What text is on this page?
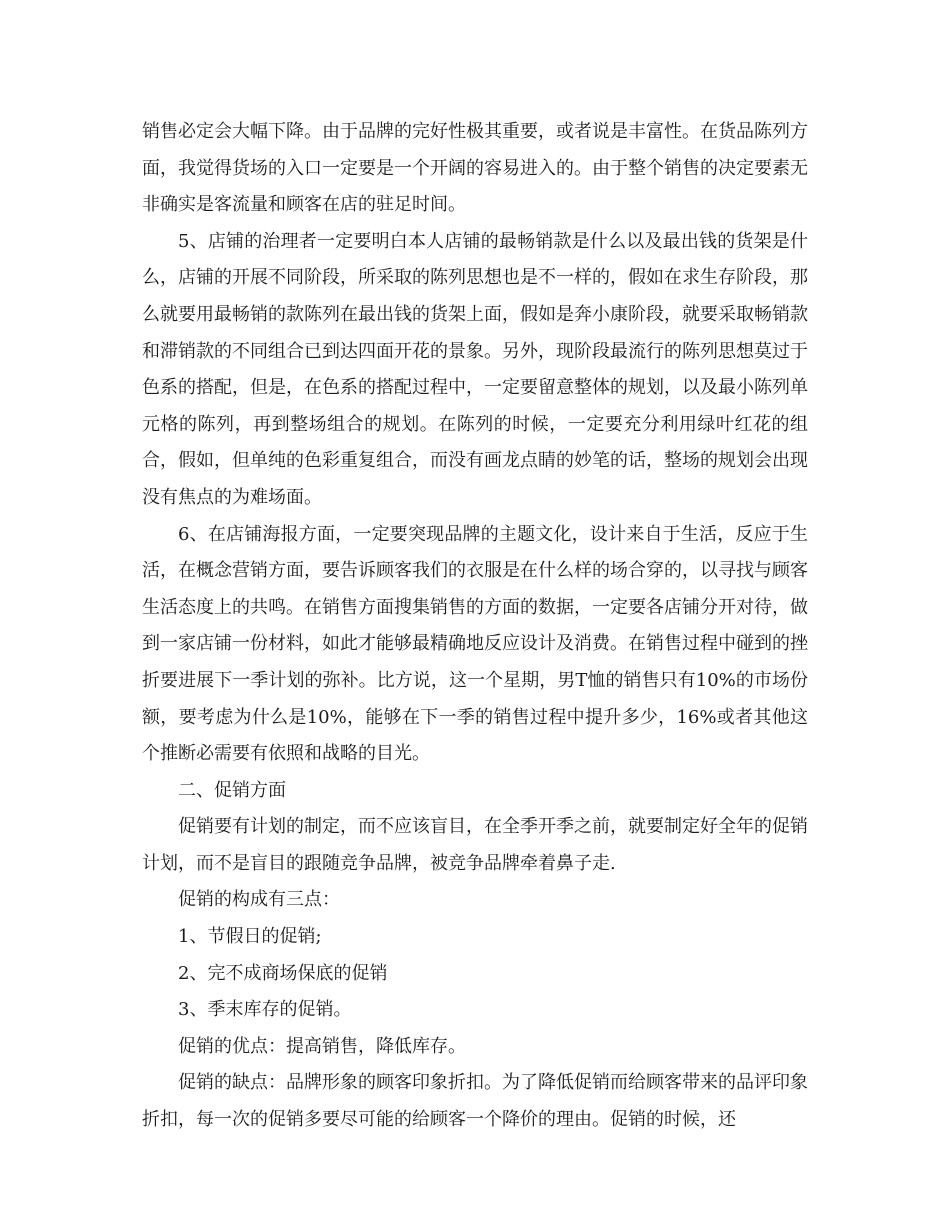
销售必定会大幅下降。由于品牌的完好性极其重要，或者说是丰富性。在货品陈列方面，我觉得货场的入口一定要是一个开阔的容易进入的。由于整个销售的决定要素无非确实是客流量和顾客在店的驻足时间。

5、店铺的治理者一定要明白本人店铺的最畅销款是什么以及最出钱的货架是什么，店铺的开展不同阶段，所采取的陈列思想也是不一样的，假如在求生存阶段，那么就要用最畅销的款陈列在最出钱的货架上面，假如是奔小康阶段，就要采取畅销款和滞销款的不同组合已到达四面开花的景象。另外，现阶段最流行的陈列思想莫过于色系的搭配，但是，在色系的搭配过程中，一定要留意整体的规划，以及最小陈列单元格的陈列，再到整场组合的规划。在陈列的时候，一定要充分利用绿叶红花的组合，假如，但单纯的色彩重复组合，而没有画龙点睛的妙笔的话，整场的规划会出现没有焦点的为难场面。

6、在店铺海报方面，一定要突现品牌的主题文化，设计来自于生活，反应于生活，在概念营销方面，要告诉顾客我们的衣服是在什么样的场合穿的，以寻找与顾客生活态度上的共鸣。在销售方面搜集销售的方面的数据，一定要各店铺分开对待，做到一家店铺一份材料，如此才能够最精确地反应设计及消费。在销售过程中碰到的挫折要进展下一季计划的弥补。比方说，这一个星期，男T恤的销售只有10%的市场份额，要考虑为什么是10%，能够在下一季的销售过程中提升多少，16%或者其他这个推断必需要有依照和战略的目光。

二、促销方面

促销要有计划的制定，而不应该盲目，在全季开季之前，就要制定好全年的促销计划，而不是盲目的跟随竞争品牌，被竞争品牌牵着鼻子走.

促销的构成有三点：

1、节假日的促销;

2、完不成商场保底的促销

3、季末库存的促销。

促销的优点：提高销售，降低库存。

促销的缺点：品牌形象的顾客印象折扣。为了降低促销而给顾客带来的品评印象折扣，每一次的促销多要尽可能的给顾客一个降价的理由。促销的时候，还
